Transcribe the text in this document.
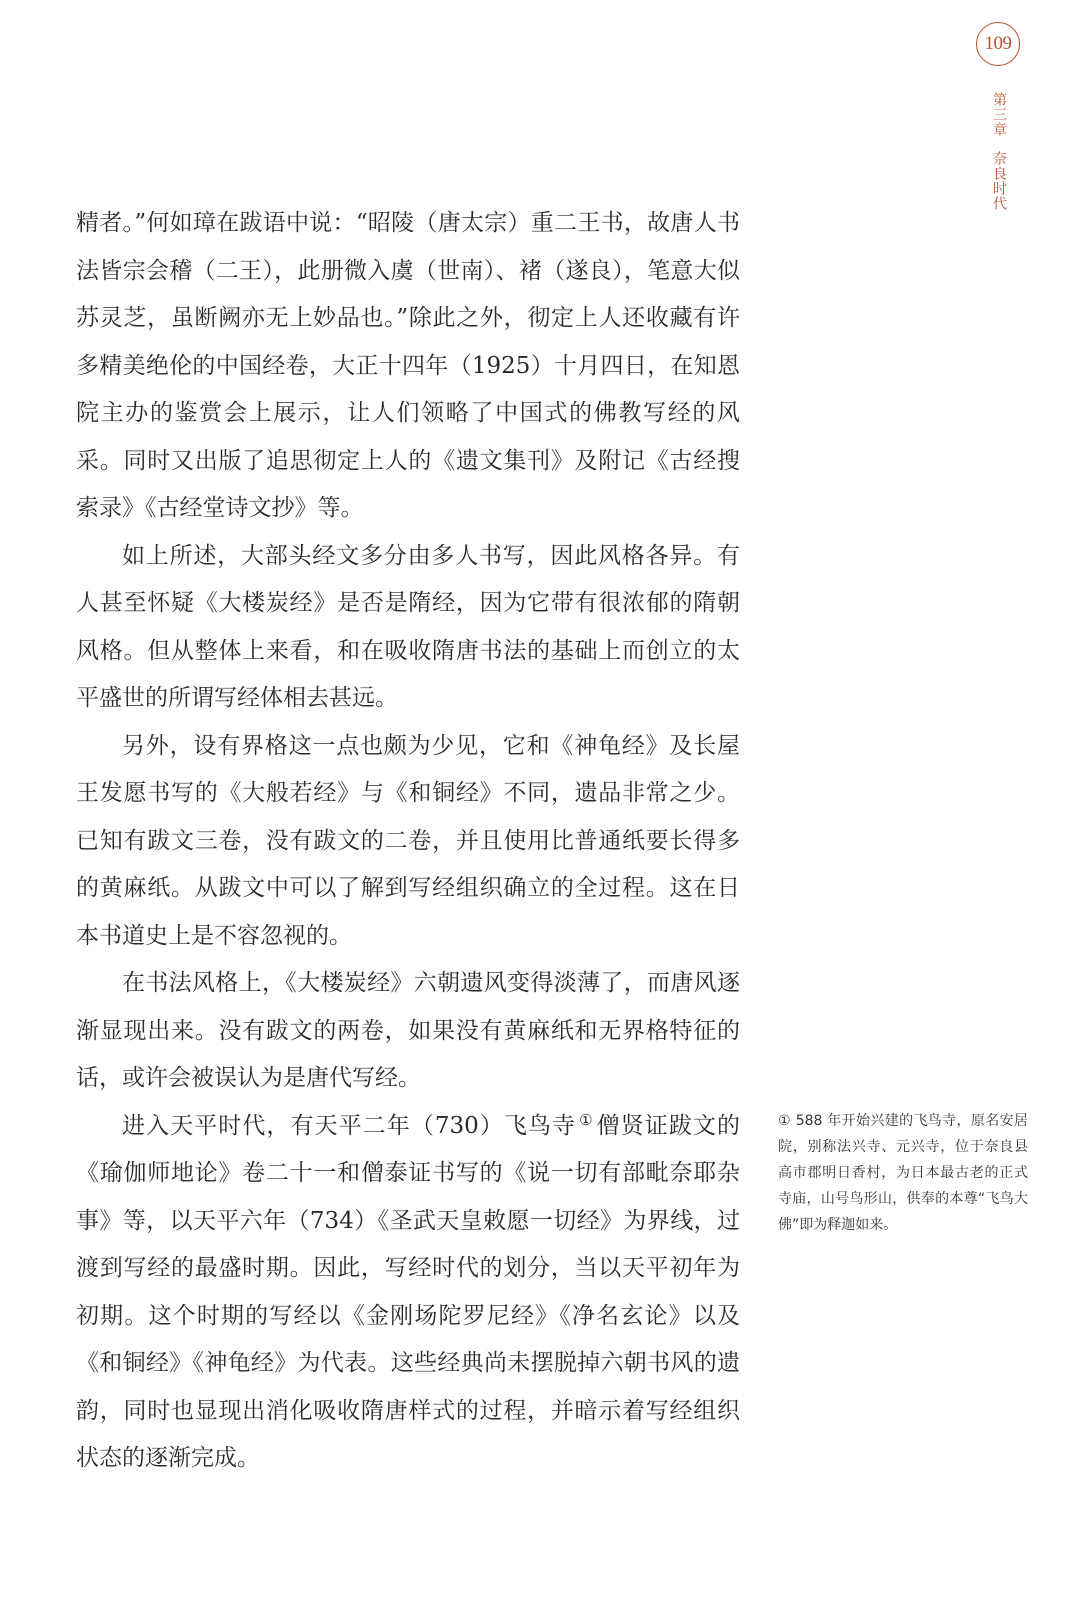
109
第三章奈良时代

精者。”何如璋在跋语中说：“昭陵（唐太宗）重二王书，故唐人书法皆宗会稽（二王），此册微入虞（世南）、褚（遂良），笔意大似苏灵芝，虽断阙亦无上妙品也。”除此之外，彻定上人还收藏有许多精美绝伦的中国经卷，大正十四年（1925）十月四日，在知恩院主办的鉴赏会上展示，让人们领略了中国式的佛教写经的风采。同时又出版了追思彻定上人的《遗文集刊》及附记《古经搜索录》《古经堂诗文抄》等。

如上所述，大部头经文多分由多人书写，因此风格各异。有人甚至怀疑《大楼炭经》是否是隋经，因为它带有很浓郁的隋朝风格。但从整体上来看，和在吸收隋唐书法的基础上而创立的太平盛世的所谓写经体相去甚远。

另外，设有界格这一点也颇为少见，它和《神龟经》及长屋王发愿书写的《大般若经》与《和铜经》不同，遗品非常之少。已知有跋文三卷，没有跋文的二卷，并且使用比普通纸要长得多的黄麻纸。从跋文中可以了解到写经组织确立的全过程。这在日本书道史上是不容忽视的。

在书法风格上，《大楼炭经》六朝遗风变得淡薄了，而唐风逐渐显现出来。没有跋文的两卷，如果没有黄麻纸和无界格特征的话，或许会被误认为是唐代写经。

进入天平时代，有天平二年（730）飞鸟寺 ① 僧贤证跋文的《瑜伽师地论》卷二十一和僧泰证书写的《说一切有部毗奈耶杂事》等，以天平六年（734）《圣武天皇敕愿一切经》为界线，过渡到写经的最盛时期。因此，写经时代的划分，当以天平初年为初期。这个时期的写经以《金刚场陀罗尼经》《净名玄论》以及《和铜经》《神龟经》为代表。这些经典尚未摆脱掉六朝书风的遗韵，同时也显现出消化吸收隋唐样式的过程，并暗示着写经组织状态的逐渐完成。

① 588 年开始兴建的飞鸟寺，原名安居院，别称法兴寺、元兴寺，位于奈良县高市郡明日香村，为日本最古老的正式寺庙，山号鸟形山，供奉的本尊“飞鸟大佛”即为释迦如来。
